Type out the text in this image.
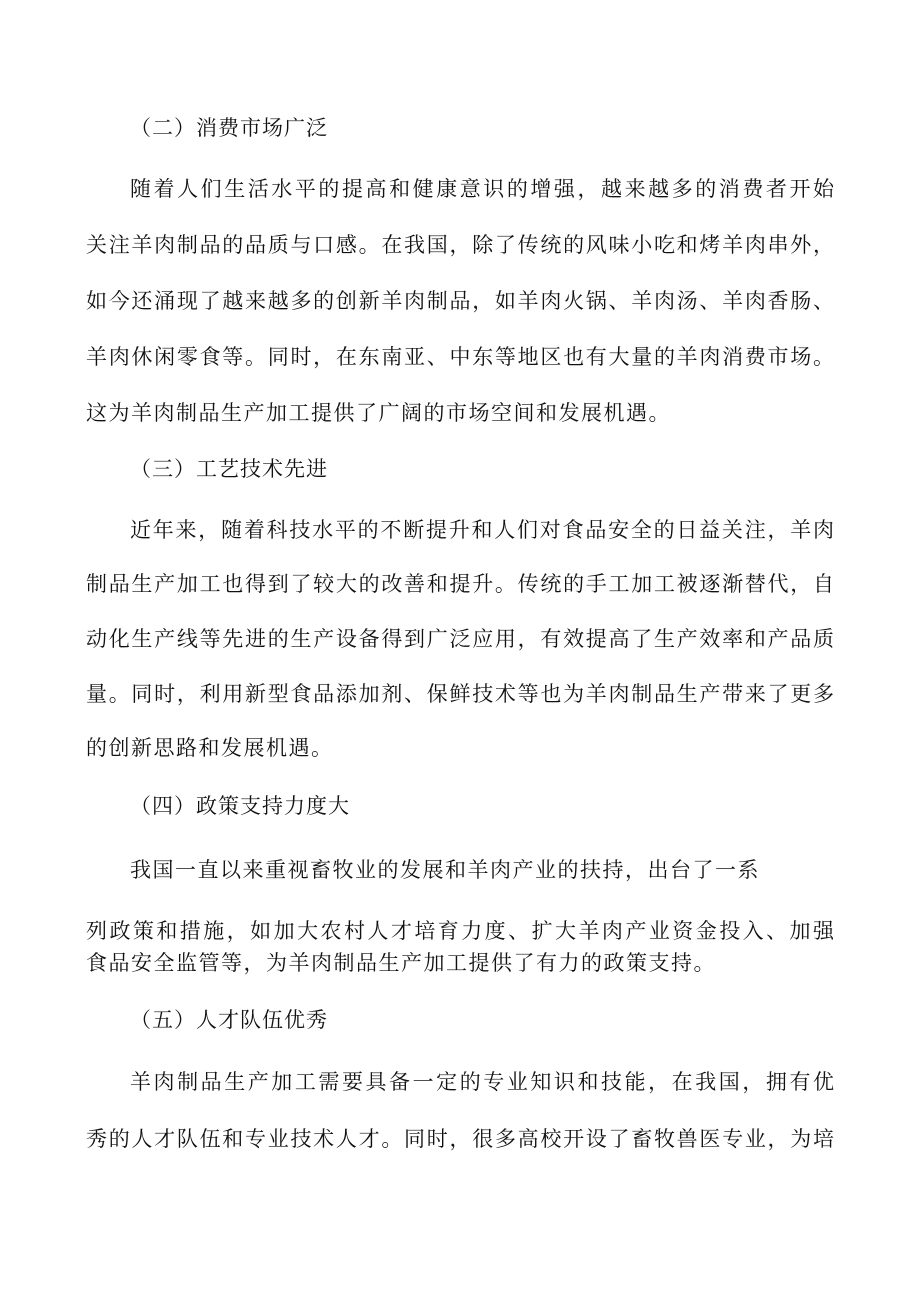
（二）消费市场广泛
随着人们生活水平的提高和健康意识的增强，越来越多的消费者开始
关注羊肉制品的品质与口感。在我国，除了传统的风味小吃和烤羊肉串外，
如今还涌现了越来越多的创新羊肉制品，如羊肉火锅、羊肉汤、羊肉香肠、
羊肉休闲零食等。同时，在东南亚、中东等地区也有大量的羊肉消费市场。
这为羊肉制品生产加工提供了广阔的市场空间和发展机遇。
（三）工艺技术先进
近年来，随着科技水平的不断提升和人们对食品安全的日益关注，羊肉
制品生产加工也得到了较大的改善和提升。传统的手工加工被逐渐替代，自
动化生产线等先进的生产设备得到广泛应用，有效提高了生产效率和产品质
量。同时，利用新型食品添加剂、保鲜技术等也为羊肉制品生产带来了更多
的创新思路和发展机遇。
（四）政策支持力度大
我国一直以来重视畜牧业的发展和羊肉产业的扶持，出台了一系
列政策和措施，如加大农村人才培育力度、扩大羊肉产业资金投入、加强
食品安全监管等，为羊肉制品生产加工提供了有力的政策支持。
（五）人才队伍优秀
羊肉制品生产加工需要具备一定的专业知识和技能，在我国，拥有优
秀的人才队伍和专业技术人才。同时，很多高校开设了畜牧兽医专业，为培
